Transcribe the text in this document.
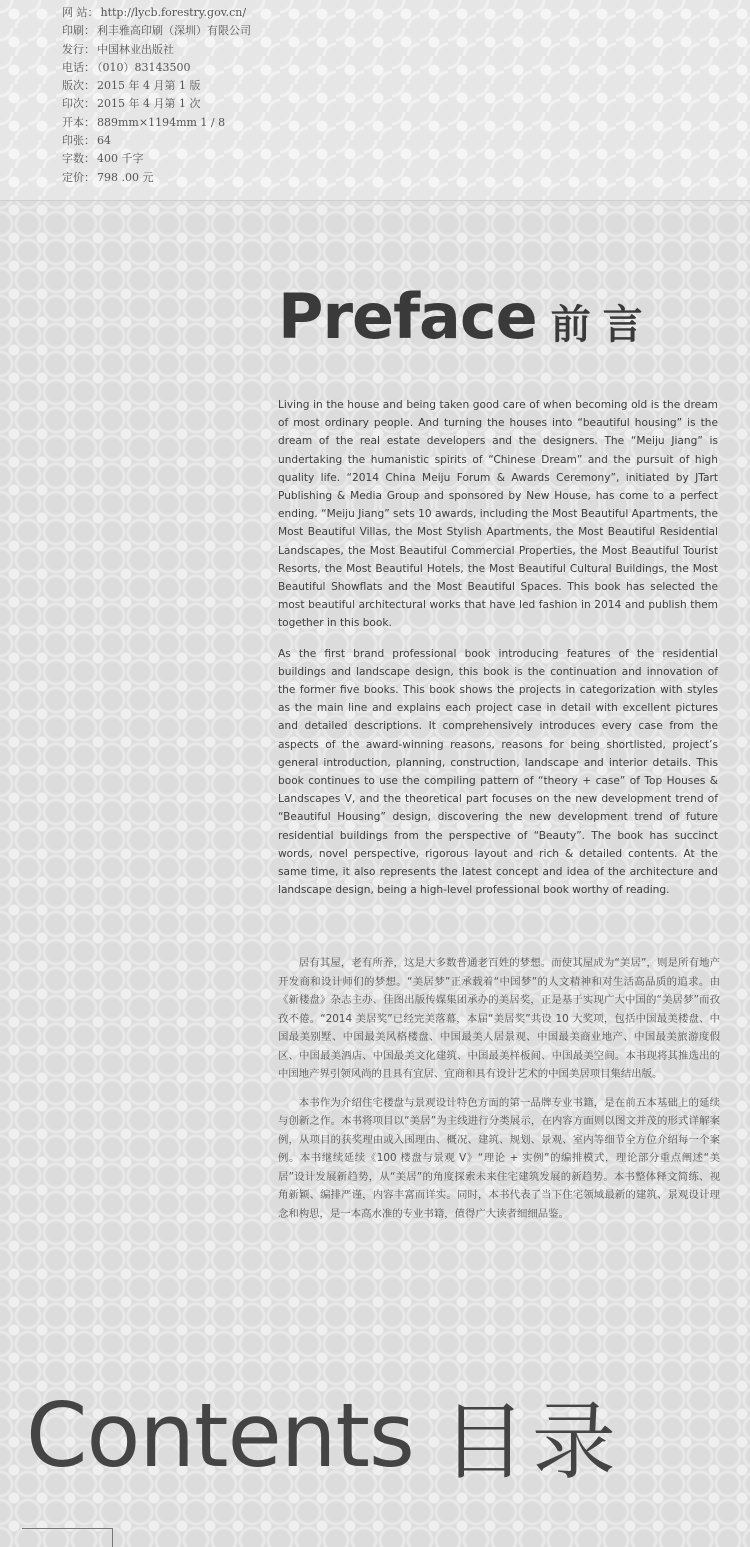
网 站： http://lycb.forestry.gov.cn/
印刷： 利丰雅高印刷（深圳）有限公司
发行： 中国林业出版社
电话： （010）83143500
版次： 2015 年 4 月第 1 版
印次： 2015 年 4 月第 1 次
开本： 889mm×1194mm 1 / 8
印张： 64
字数： 400 千字
定价： 798 .00 元
Preface 前言

Living in the house and being taken good care of when becoming old is the dream of most ordinary people. And turning the houses into “beautiful housing” is the dream of the real estate developers and the designers. The “Meiju Jiang” is undertaking the humanistic spirits of “Chinese Dream” and the pursuit of high quality life. “2014 China Meiju Forum & Awards Ceremony”, initiated by JTart Publishing & Media Group and sponsored by New House, has come to a perfect ending. “Meiju Jiang” sets 10 awards, including the Most Beautiful Apartments, the Most Beautiful Villas, the Most Stylish Apartments, the Most Beautiful Residential Landscapes, the Most Beautiful Commercial Properties, the Most Beautiful Tourist Resorts, the Most Beautiful Hotels, the Most Beautiful Cultural Buildings, the Most Beautiful Showflats and the Most Beautiful Spaces. This book has selected the most beautiful architectural works that have led fashion in 2014 and publish them together in this book.

As the first brand professional book introducing features of the residential buildings and landscape design, this book is the continuation and innovation of the former five books. This book shows the projects in categorization with styles as the main line and explains each project case in detail with excellent pictures and detailed descriptions. It comprehensively introduces every case from the aspects of the award-winning reasons, reasons for being shortlisted, project’s general introduction, planning, construction, landscape and interior details. This book continues to use the compiling pattern of “theory + case” of Top Houses & Landscapes V, and the theoretical part focuses on the new development trend of “Beautiful Housing” design, discovering the new development trend of future residential buildings from the perspective of “Beauty”. The book has succinct words, novel perspective, rigorous layout and rich & detailed contents. At the same time, it also represents the latest concept and idea of the architecture and landscape design, being a high-level professional book worthy of reading.

居有其屋，老有所养，这是大多数普通老百姓的梦想。而使其屋成为“美居”，则是所有地产开发商和设计师们的梦想。“美居梦”正承载着“中国梦”的人文精神和对生活高品质的追求。由《新楼盘》杂志主办、佳图出版传媒集团承办的美居奖，正是基于实现广大中国的“美居梦”而孜孜不倦。“2014 美居奖”已经完美落幕，本届“美居奖”共设 10 大奖项，包括中国最美楼盘、中国最美别墅、中国最美风格楼盘、中国最美人居景观、中国最美商业地产、中国最美旅游度假区、中国最美酒店、中国最美文化建筑、中国最美样板间、中国最美空间。本书现将其推选出的中国地产界引领风尚的且具有宜居、宜商和具有设计艺术的中国美居项目集结出版。

本书作为介绍住宅楼盘与景观设计特色方面的第一品牌专业书籍，是在前五本基础上的延续与创新之作。本书将项目以“美居”为主线进行分类展示，在内容方面则以图文并茂的形式详解案例，从项目的获奖理由或入围理由、概况、建筑、规划、景观、室内等细节全方位介绍每一个案例。本书继续延续《100 楼盘与景观 V》“理论 + 实例”的编排模式，理论部分重点阐述“美居”设计发展新趋势，从“美居”的角度探索未来住宅建筑发展的新趋势。本书整体释文简练、视角新颖、编排严谨，内容丰富而详实。同时，本书代表了当下住宅领域最新的建筑、景观设计理念和构思，是一本高水准的专业书籍，值得广大读者细细品鉴。

Contents 目录
